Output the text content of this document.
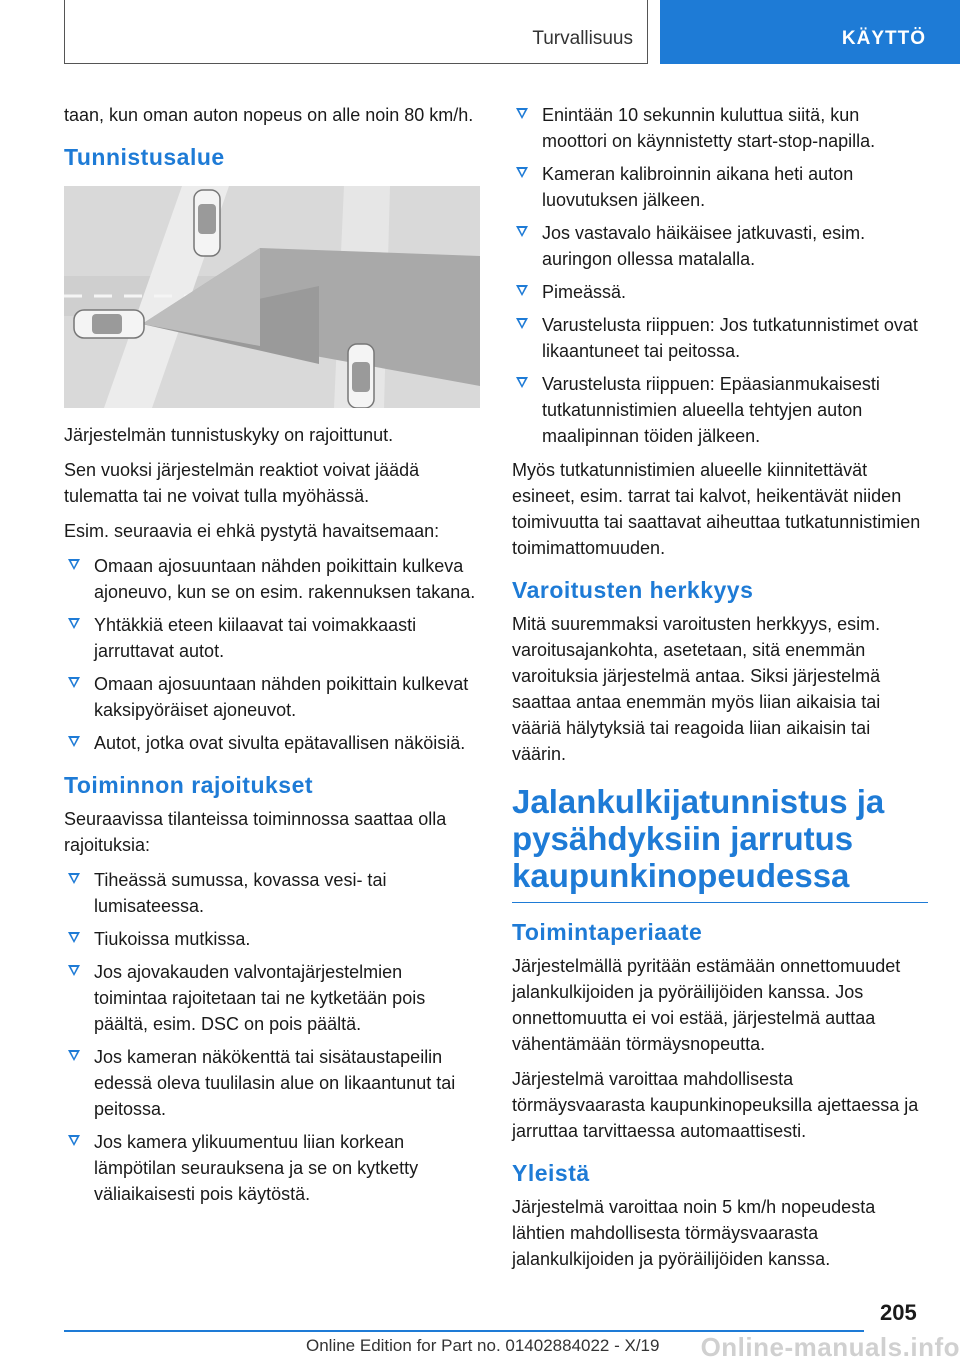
Turvallisuus	KÄYTTÖ

taan, kun oman auton nopeus on alle noin 80 km/h.

Tunnistusalue

Järjestelmän tunnistuskyky on rajoittunut.

Sen vuoksi järjestelmän reaktiot voivat jäädä tulematta tai ne voivat tulla myöhässä.

Esim. seuraavia ei ehkä pystytä havaitsemaan:

Omaan ajosuuntaan nähden poikittain kulkeva ajoneuvo, kun se on esim. rakennuksen takana.
Yhtäkkiä eteen kiilaavat tai voimakkaasti jarruttavat autot.
Omaan ajosuuntaan nähden poikittain kulkevat kaksipyöräiset ajoneuvot.
Autot, jotka ovat sivulta epätavallisen näköisiä.
Toiminnon rajoitukset

Seuraavissa tilanteissa toiminnossa saattaa olla rajoituksia:

Tiheässä sumussa, kovassa vesi- tai lumisateessa.
Tiukoissa mutkissa.
Jos ajovakauden valvontajärjestelmien toimintaa rajoitetaan tai ne kytketään pois päältä, esim. DSC on pois päältä.
Jos kameran näkökenttä tai sisätaustapeilin edessä oleva tuulilasin alue on likaantunut tai peitossa.
Jos kamera ylikuumentuu liian korkean lämpötilan seurauksena ja se on kytketty väliaikaisesti pois käytöstä.
Enintään 10 sekunnin kuluttua siitä, kun moottori on käynnistetty start-stop-napilla.
Kameran kalibroinnin aikana heti auton luovutuksen jälkeen.
Jos vastavalo häikäisee jatkuvasti, esim. auringon ollessa matalalla.
Pimeässä.
Varustelusta riippuen: Jos tutkatunnistimet ovat likaantuneet tai peitossa.
Varustelusta riippuen: Epäasianmukaisesti tutkatunnistimien alueella tehtyjen auton maalipinnan töiden jälkeen.

Myös tutkatunnistimien alueelle kiinnitettävät esineet, esim. tarrat tai kalvot, heikentävät niiden toimivuutta tai saattavat aiheuttaa tutkatunnistimien toimimattomuuden.

Varoitusten herkkyys

Mitä suuremmaksi varoitusten herkkyys, esim. varoitusajankohta, asetetaan, sitä enemmän varoituksia järjestelmä antaa. Siksi järjestelmä saattaa antaa enemmän myös liian aikaisia tai vääriä hälytyksiä tai reagoida liian aikaisin tai väärin.

Jalankulkijatunnistus ja pysähdyksiin jarrutus kaupunkinopeudessa
Toimintaperiaate

Järjestelmällä pyritään estämään onnettomuudet jalankulkijoiden ja pyöräilijöiden kanssa. Jos onnettomuutta ei voi estää, järjestelmä auttaa vähentämään törmäysnopeutta.

Järjestelmä varoittaa mahdollisesta törmäysvaarasta kaupunkinopeuksilla ajettaessa ja jarruttaa tarvittaessa automaattisesti.

Yleistä

Järjestelmä varoittaa noin 5 km/h nopeudesta lähtien mahdollisesta törmäysvaarasta jalankulkijoiden ja pyöräilijöiden kanssa.

205
Online Edition for Part no. 01402884022 - X/19 Online-manuals.info
